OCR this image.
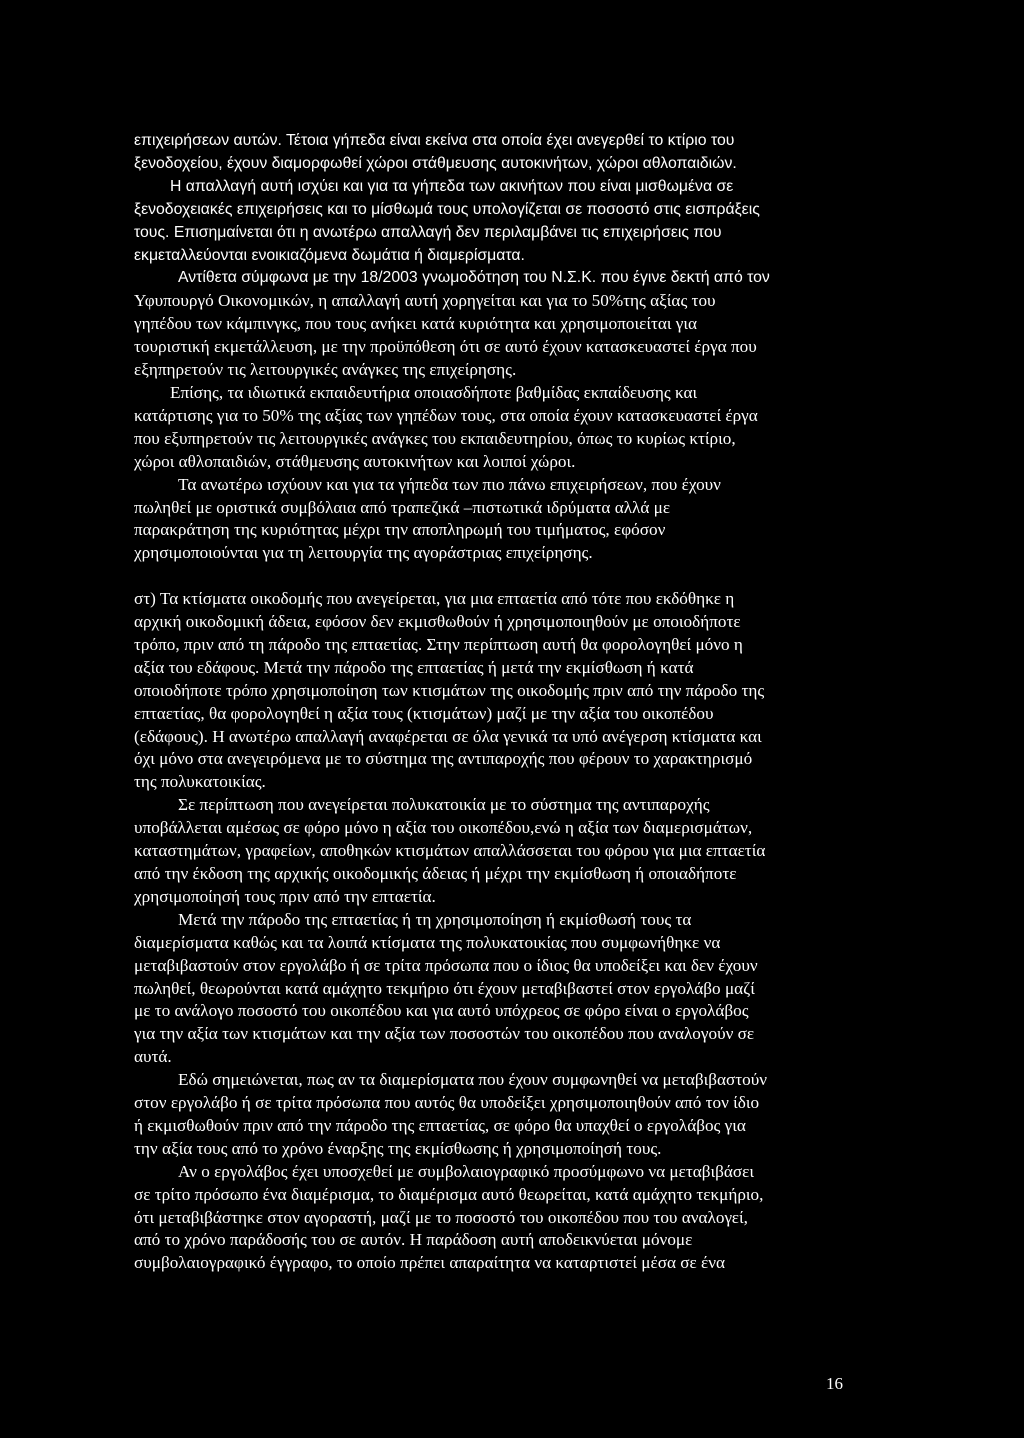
επιχειρήσεων αυτών. Τέτοια γήπεδα είναι εκείνα στα οποία έχει ανεγερθεί το κτίριο του
ξενοδοχείου, έχουν διαμορφωθεί χώροι στάθμευσης αυτοκινήτων, χώροι αθλοπαιδιών.
Η απαλλαγή αυτή ισχύει και για τα γήπεδα των ακινήτων που είναι μισθωμένα σε
ξενοδοχειακές επιχειρήσεις και το μίσθωμά τους υπολογίζεται σε ποσοστό στις εισπράξεις
τους. Επισημαίνεται ότι η ανωτέρω απαλλαγή δεν περιλαμβάνει τις επιχειρήσεις που
εκμεταλλεύονται ενοικιαζόμενα δωμάτια ή διαμερίσματα.
Αντίθετα σύμφωνα με την 18/2003 γνωμοδότηση του Ν.Σ.Κ. που έγινε δεκτή από τον
Υφυπουργό Οικονομικών, η απαλλαγή αυτή χορηγείται και για το 50%της αξίας του
γηπέδου των κάμπινγκς, που τους ανήκει κατά κυριότητα και χρησιμοποιείται για
τουριστική εκμετάλλευση, με την προϋπόθεση ότι σε αυτό έχουν κατασκευαστεί έργα που
εξηπηρετούν τις λειτουργικές ανάγκες της επιχείρησης.
Επίσης, τα ιδιωτικά εκπαιδευτήρια οποιασδήποτε βαθμίδας εκπαίδευσης και
κατάρτισης για το 50% της αξίας των γηπέδων τους, στα οποία έχουν κατασκευαστεί έργα
που εξυπηρετούν τις λειτουργικές ανάγκες του εκπαιδευτηρίου, όπως το κυρίως κτίριο,
χώροι αθλοπαιδιών, στάθμευσης αυτοκινήτων και λοιποί χώροι.
Τα ανωτέρω ισχύουν και για τα γήπεδα των πιο πάνω επιχειρήσεων, που έχουν
πωληθεί με οριστικά συμβόλαια από τραπεζικά –πιστωτικά ιδρύματα αλλά με
παρακράτηση της κυριότητας μέχρι την αποπληρωμή του τιμήματος, εφόσον
χρησιμοποιούνται για τη λειτουργία της αγοράστριας επιχείρησης.
στ) Τα κτίσματα οικοδομής που ανεγείρεται, για μια επταετία από τότε που εκδόθηκε η
αρχική οικοδομική άδεια, εφόσον δεν εκμισθωθούν ή χρησιμοποιηθούν με οποιοδήποτε
τρόπο, πριν από τη πάροδο της επταετίας. Στην περίπτωση αυτή θα φορολογηθεί μόνο η
αξία του εδάφους. Μετά την πάροδο της επταετίας ή μετά την εκμίσθωση ή κατά
οποιοδήποτε τρόπο χρησιμοποίηση των κτισμάτων της οικοδομής πριν από την πάροδο της
επταετίας, θα φορολογηθεί η αξία τους (κτισμάτων) μαζί με την αξία του οικοπέδου
(εδάφους). Η ανωτέρω απαλλαγή αναφέρεται σε όλα γενικά τα υπό ανέγερση κτίσματα και
όχι μόνο στα ανεγειρόμενα με το σύστημα της αντιπαροχής που φέρουν το χαρακτηρισμό
της πολυκατοικίας.
Σε περίπτωση που ανεγείρεται πολυκατοικία με το σύστημα της αντιπαροχής
υποβάλλεται αμέσως σε φόρο μόνο η αξία του οικοπέδου,ενώ η αξία των διαμερισμάτων,
καταστημάτων, γραφείων, αποθηκών κτισμάτων απαλλάσσεται του φόρου για μια επταετία
από την έκδοση της αρχικής οικοδομικής άδειας ή μέχρι την εκμίσθωση ή οποιαδήποτε
χρησιμοποίησή τους πριν από την επταετία.
Μετά την πάροδο της επταετίας ή τη χρησιμοποίηση ή εκμίσθωσή τους τα
διαμερίσματα καθώς και τα λοιπά κτίσματα της πολυκατοικίας που συμφωνήθηκε να
μεταβιβαστούν στον εργολάβο ή σε τρίτα πρόσωπα που ο ίδιος θα υποδείξει και δεν έχουν
πωληθεί, θεωρούνται κατά αμάχητο τεκμήριο ότι έχουν μεταβιβαστεί στον εργολάβο μαζί
με το ανάλογο ποσοστό του οικοπέδου και για αυτό υπόχρεος σε φόρο είναι ο εργολάβος
για την αξία των κτισμάτων και την αξία των ποσοστών του οικοπέδου που αναλογούν σε
αυτά.
Εδώ σημειώνεται, πως αν τα διαμερίσματα που έχουν συμφωνηθεί να μεταβιβαστούν
στον εργολάβο ή σε τρίτα πρόσωπα που αυτός θα υποδείξει χρησιμοποιηθούν από τον ίδιο
ή εκμισθωθούν πριν από την πάροδο της επταετίας, σε φόρο θα υπαχθεί ο εργολάβος για
την αξία τους από το χρόνο έναρξης της εκμίσθωσης ή χρησιμοποίησή τους.
Αν ο εργολάβος έχει υποσχεθεί με συμβολαιογραφικό προσύμφωνο να μεταβιβάσει
σε τρίτο πρόσωπο ένα διαμέρισμα, το διαμέρισμα αυτό θεωρείται, κατά αμάχητο τεκμήριο,
ότι μεταβιβάστηκε στον αγοραστή, μαζί με το ποσοστό του οικοπέδου που του αναλογεί,
από το χρόνο παράδοσής του σε αυτόν. Η παράδοση αυτή αποδεικνύεται μόνομε
συμβολαιογραφικό έγγραφο, το οποίο πρέπει απαραίτητα να καταρτιστεί μέσα σε ένα
16
